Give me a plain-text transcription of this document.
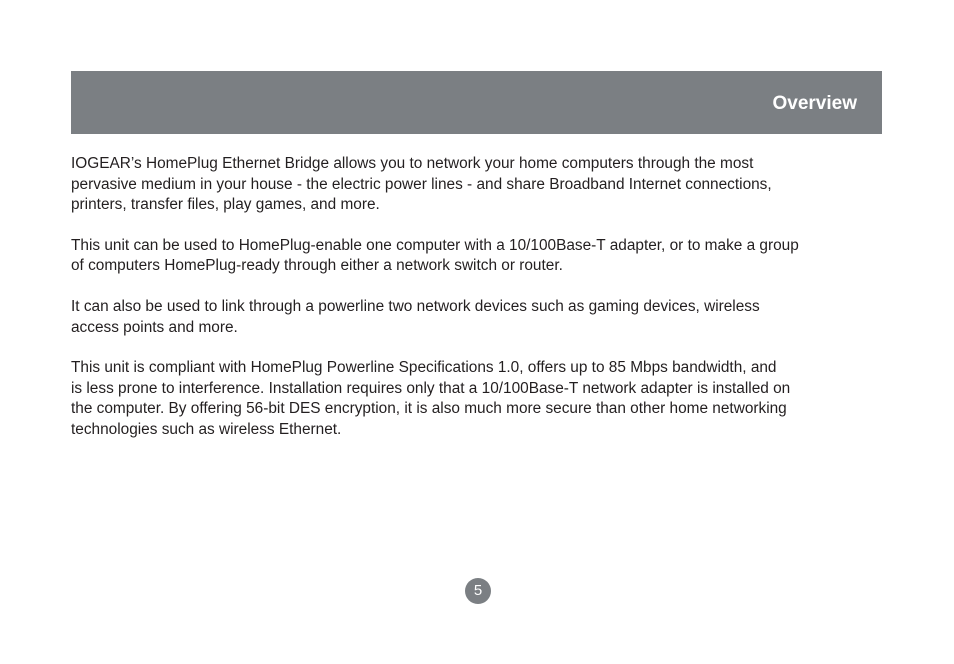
Overview

IOGEAR’s HomePlug Ethernet Bridge allows you to network your home computers through the most
pervasive medium in your house - the electric power lines - and share Broadband Internet connections,
printers, transfer files, play games, and more.

This unit can be used to HomePlug-enable one computer with a 10/100Base-T adapter, or to make a group
of computers HomePlug-ready through either a network switch or router.

It can also be used to link through a powerline two network devices such as gaming devices, wireless
access points and more.

This unit is compliant with HomePlug Powerline Specifications 1.0, offers up to 85 Mbps bandwidth, and
is less prone to interference. Installation requires only that a 10/100Base-T network adapter is installed on
the computer. By offering 56-bit DES encryption, it is also much more secure than other home networking
technologies such as wireless Ethernet.

5
